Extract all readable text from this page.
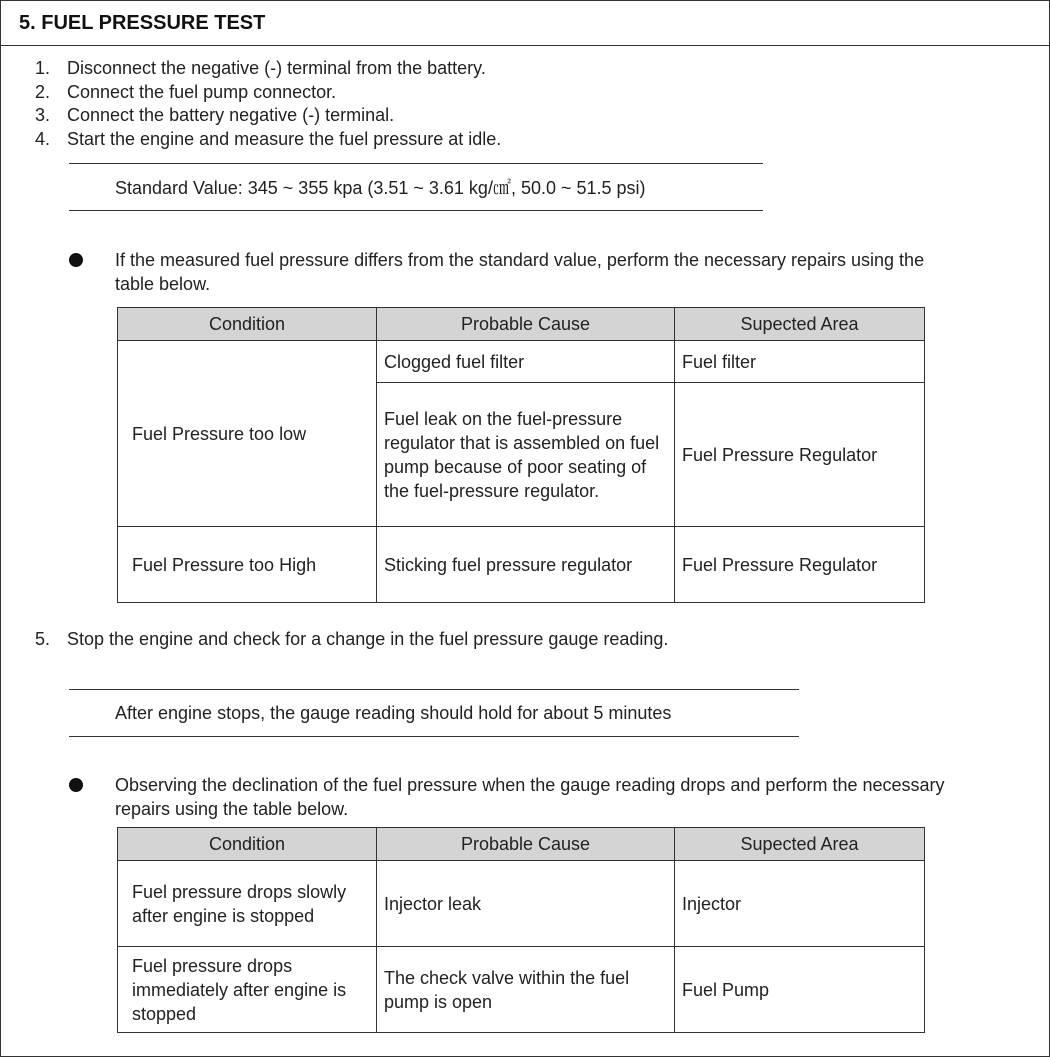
5. FUEL PRESSURE TEST
1. Disconnect the negative (-) terminal from the battery.
2. Connect the fuel pump connector.
3. Connect the battery negative (-) terminal.
4. Start the engine and measure the fuel pressure at idle.
Standard Value: 345 ~ 355 kpa (3.51 ~ 3.61 kg/㎠, 50.0 ~ 51.5 psi)
If the measured fuel pressure differs from the standard value, perform the necessary repairs using the table below.
Condition	Probable Cause	Supected Area
Fuel Pressure too low	Clogged fuel filter	Fuel filter
	Fuel leak on the fuel-pressure regulator that is assembled on fuel pump because of poor seating of the fuel-pressure regulator.	Fuel Pressure Regulator
Fuel Pressure too High	Sticking fuel pressure regulator	Fuel Pressure Regulator
5. Stop the engine and check for a change in the fuel pressure gauge reading.
After engine stops, the gauge reading should hold for about 5 minutes
Observing the declination of the fuel pressure when the gauge reading drops and perform the necessary repairs using the table below.
Condition	Probable Cause	Supected Area
Fuel pressure drops slowly after engine is stopped	Injector leak	Injector
Fuel pressure drops immediately after engine is stopped	The check valve within the fuel pump is open	Fuel Pump
